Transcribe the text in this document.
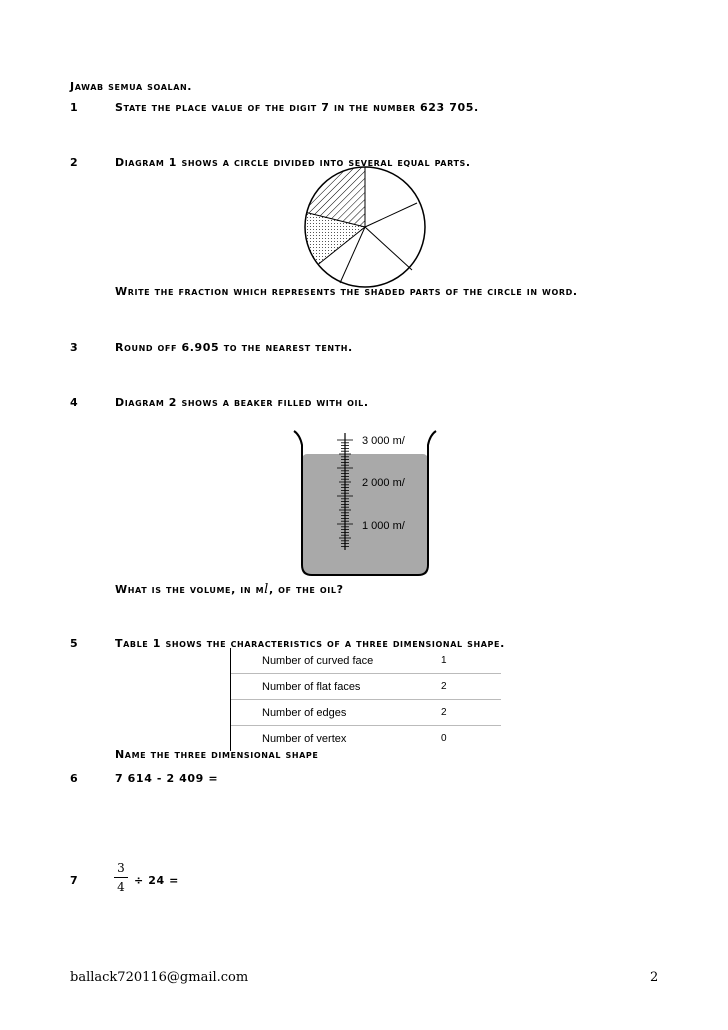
Jawab semua soalan.
1	State the place value of the digit 7 in the number 623 705.
2	Diagram 1 shows a circle divided into several equal parts.
Write the fraction which represents the shaded parts of the circle in word.
3	Round off 6.905 to the nearest tenth.
4	Diagram 2 shows a beaker filled with oil.
3 000 m/
2 000 m/
1 000 m/
What is the volume, in ml, of the oil?
5	Table 1 shows the characteristics of a three dimensional shape.
Number of curved face	1
Number of flat faces	2
Number of edges	2
Number of vertex	0
Name the three dimensional shape
6	7 614 - 2 409 =
7
3
4 ÷ 24 =
ballack720116@gmail.com	2
